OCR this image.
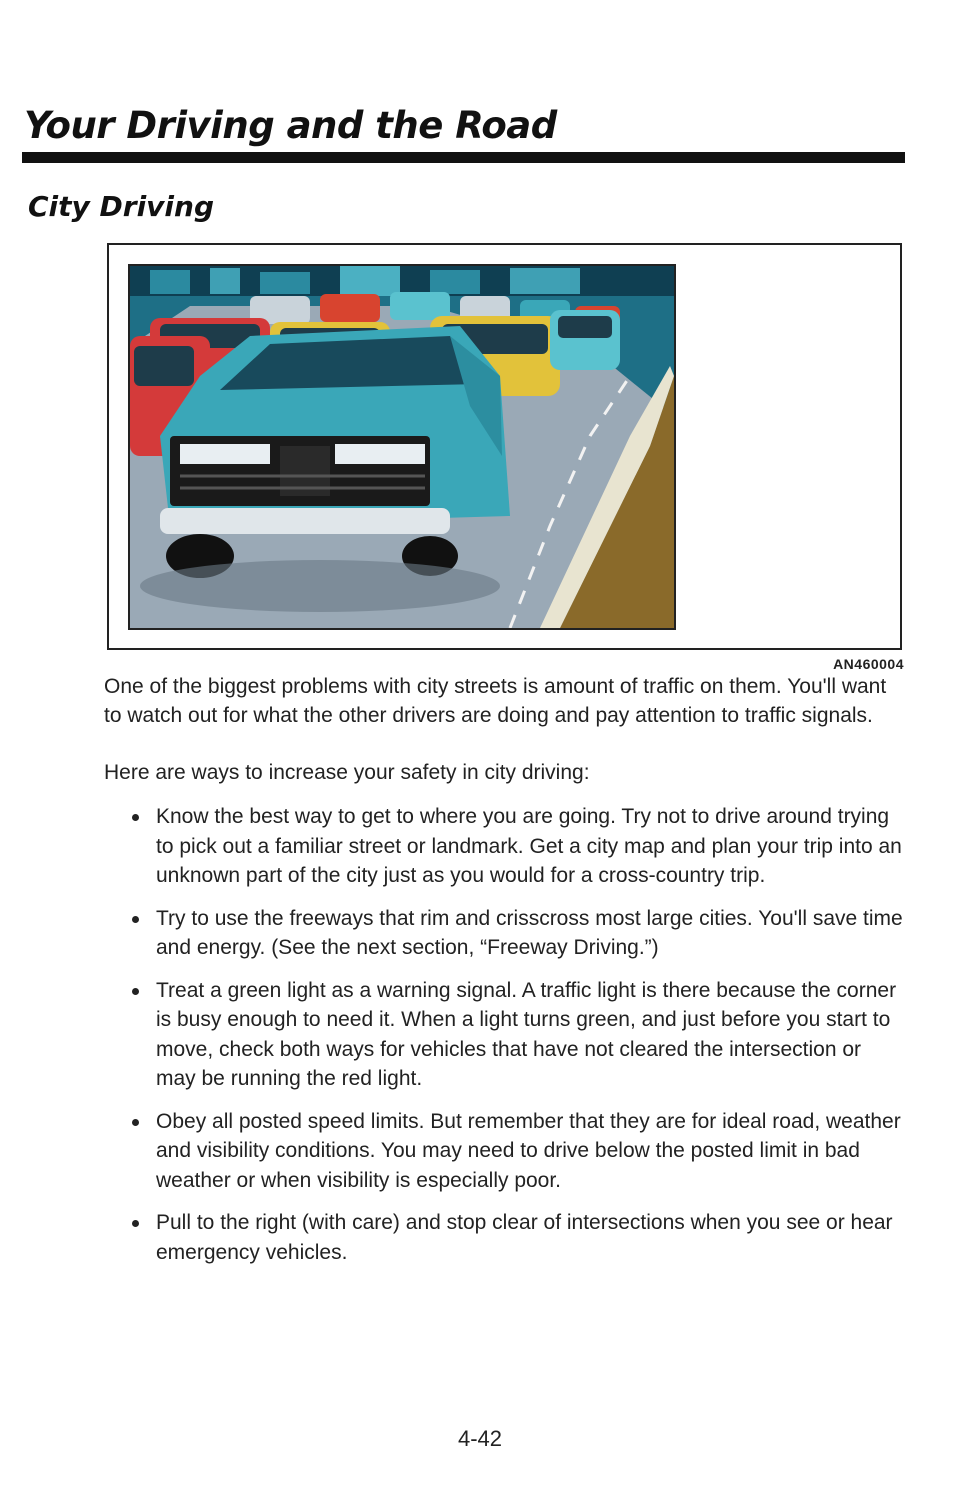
Your Driving and the Road
City Driving
AN460004

One of the biggest problems with city streets is amount of traffic on them. You'll want to watch out for what the other drivers are doing and pay attention to traffic signals.

Here are ways to increase your safety in city driving:

Know the best way to get to where you are going. Try not to drive around trying to pick out a familiar street or landmark. Get a city map and plan your trip into an unknown part of the city just as you would for a cross-country trip.
Try to use the freeways that rim and crisscross most large cities. You'll save time and energy. (See the next section, “Freeway Driving.”)
Treat a green light as a warning signal. A traffic light is there because the corner is busy enough to need it. When a light turns green, and just before you start to move, check both ways for vehicles that have not cleared the intersection or may be running the red light.
Obey all posted speed limits. But remember that they are for ideal road, weather and visibility conditions. You may need to drive below the posted limit in bad weather or when visibility is especially poor.
Pull to the right (with care) and stop clear of intersections when you see or hear emergency vehicles.
4-42
